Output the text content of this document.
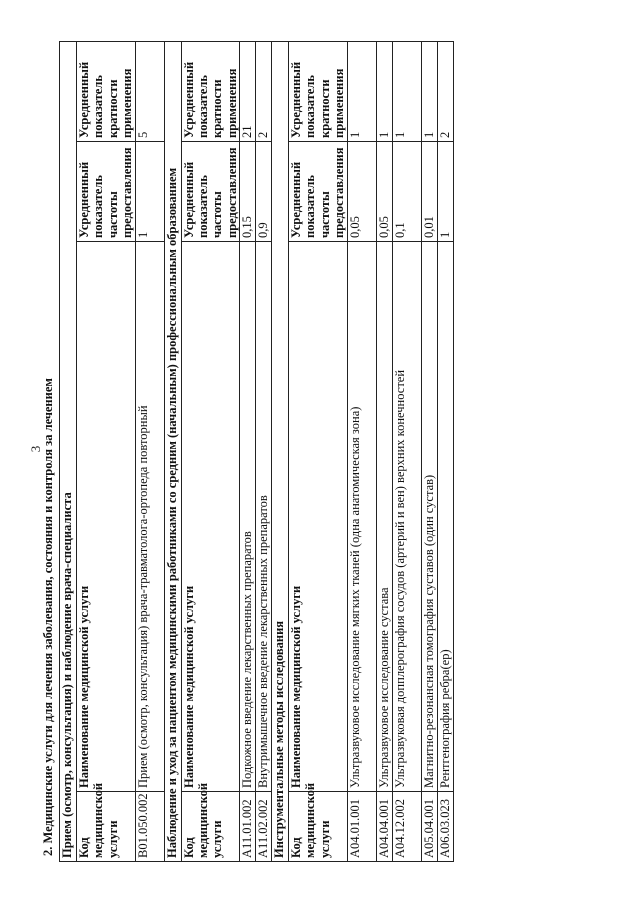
3
2. Медицинские услуги для лечения заболевания, состояния и контроля за лечением Прием (осмотр, консультация) и наблюдение врача-специалиста			
Код медицинской услуги	Наименование медицинской услуги	Усредненный показатель частоты предоставления	Усредненный показатель кратности применения
B01.050.002	Прием (осмотр, консультация) врача-травматолога-ортопеда повторный	1	5
Наблюдение и уход за пациентом медицинскими работниками со средним (начальным) профессиональным образованием			
Код медицинской услуги	Наименование медицинской услуги	Усредненный показатель частоты предоставления	Усредненный показатель кратности применения
A11.01.002	Подкожное введение лекарственных препаратов	0,15	21
A11.02.002	Внутримышечное введение лекарственных препаратов	0,9	2
Инструментальные методы исследования			
Код медицинской услуги	Наименование медицинской услуги	Усредненный показатель частоты предоставления	Усредненный показатель кратности применения
A04.01.001	Ультразвуковое исследование мягких тканей (одна анатомическая зона)	0,05	1
A04.04.001	Ультразвуковое исследование сустава	0,05	1
A04.12.002	Ультразвуковая допплерография сосудов (артерий и вен) верхних конечностей	0,1	1
A05.04.001	Магнитно-резонансная томография суставов (один сустав)	0,01	1
A06.03.023	Рентгенография ребра(ер)	1	2
